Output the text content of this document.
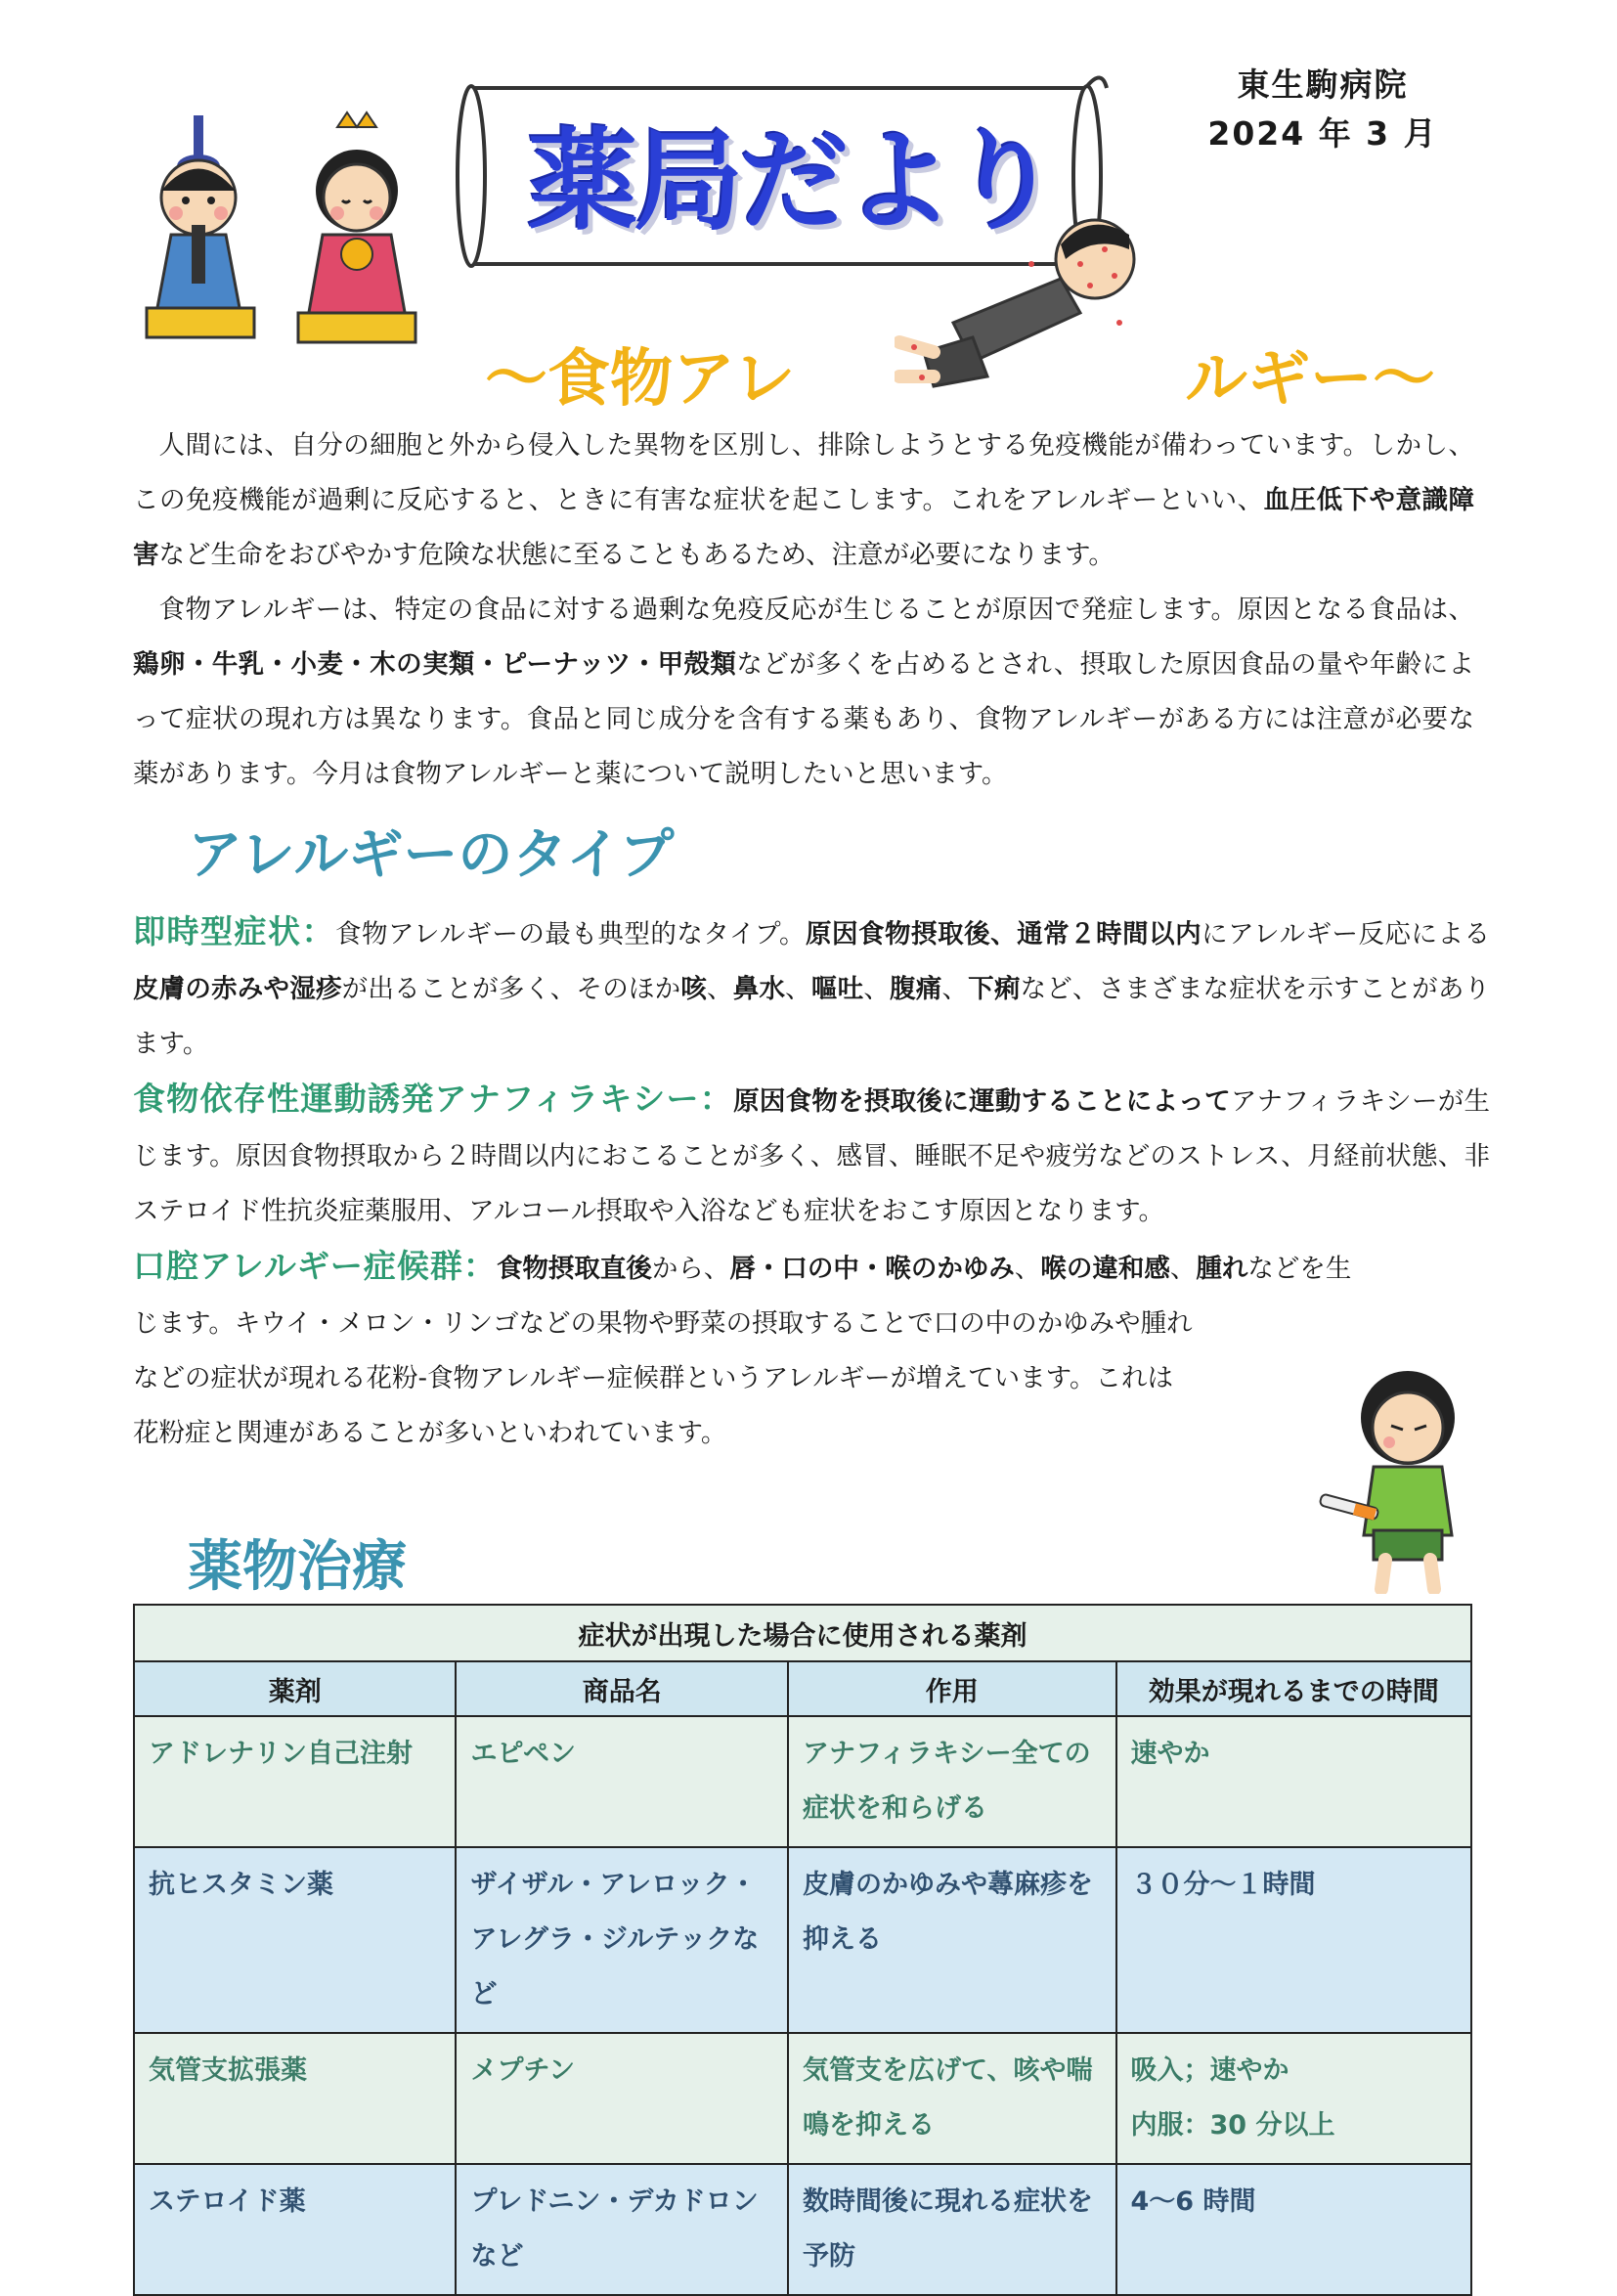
東生駒病院
2024 年 3 月
薬局だより
〜食物アレ	ルギー〜

人間には、自分の細胞と外から侵入した異物を区別し、排除しようとする免疫機能が備わっています。しかし、この免疫機能が過剰に反応すると、ときに有害な症状を起こします。これをアレルギーといい、血圧低下や意識障害など生命をおびやかす危険な状態に至ることもあるため、注意が必要になります。

食物アレルギーは、特定の食品に対する過剰な免疫反応が生じることが原因で発症します。原因となる食品は、鶏卵・牛乳・小麦・木の実類・ピーナッツ・甲殻類などが多くを占めるとされ、摂取した原因食品の量や年齢によって症状の現れ方は異なります。食品と同じ成分を含有する薬もあり、食物アレルギーがある方には注意が必要な薬があります。今月は食物アレルギーと薬について説明したいと思います。

アレルギーのタイプ

即時型症状：食物アレルギーの最も典型的なタイプ。原因食物摂取後、通常２時間以内にアレルギー反応による皮膚の赤みや湿疹が出ることが多く、そのほか咳、鼻水、嘔吐、腹痛、下痢など、さまざまな症状を示すことがあります。

食物依存性運動誘発アナフィラキシー：原因食物を摂取後に運動することによってアナフィラキシーが生じます。原因食物摂取から２時間以内におこることが多く、感冒、睡眠不足や疲労などのストレス、月経前状態、非ステロイド性抗炎症薬服用、アルコール摂取や入浴なども症状をおこす原因となります。

口腔アレルギー症候群：食物摂取直後から、唇・口の中・喉のかゆみ、喉の違和感、腫れなどを生
じます。キウイ・メロン・リンゴなどの果物や野菜の摂取することで口の中のかゆみや腫れ
などの症状が現れる花粉‐食物アレルギー症候群というアレルギーが増えています。これは
花粉症と関連があることが多いといわれています。

薬物治療
症状が出現した場合に使用される薬剤			
薬剤	商品名	作用	効果が現れるまでの時間
アドレナリン自己注射	エピペン	アナフィラキシー全ての症状を和らげる	速やか
抗ヒスタミン薬	ザイザル・アレロック・アレグラ・ジルテックなど	皮膚のかゆみや蕁麻疹を抑える	３０分〜１時間
気管支拡張薬	メプチン	気管支を広げて、咳や喘鳴を抑える	吸入；速やか
内服：30 分以上

ステロイド薬	プレドニン・デカドロンなど	数時間後に現れる症状を予防	4〜6 時間
